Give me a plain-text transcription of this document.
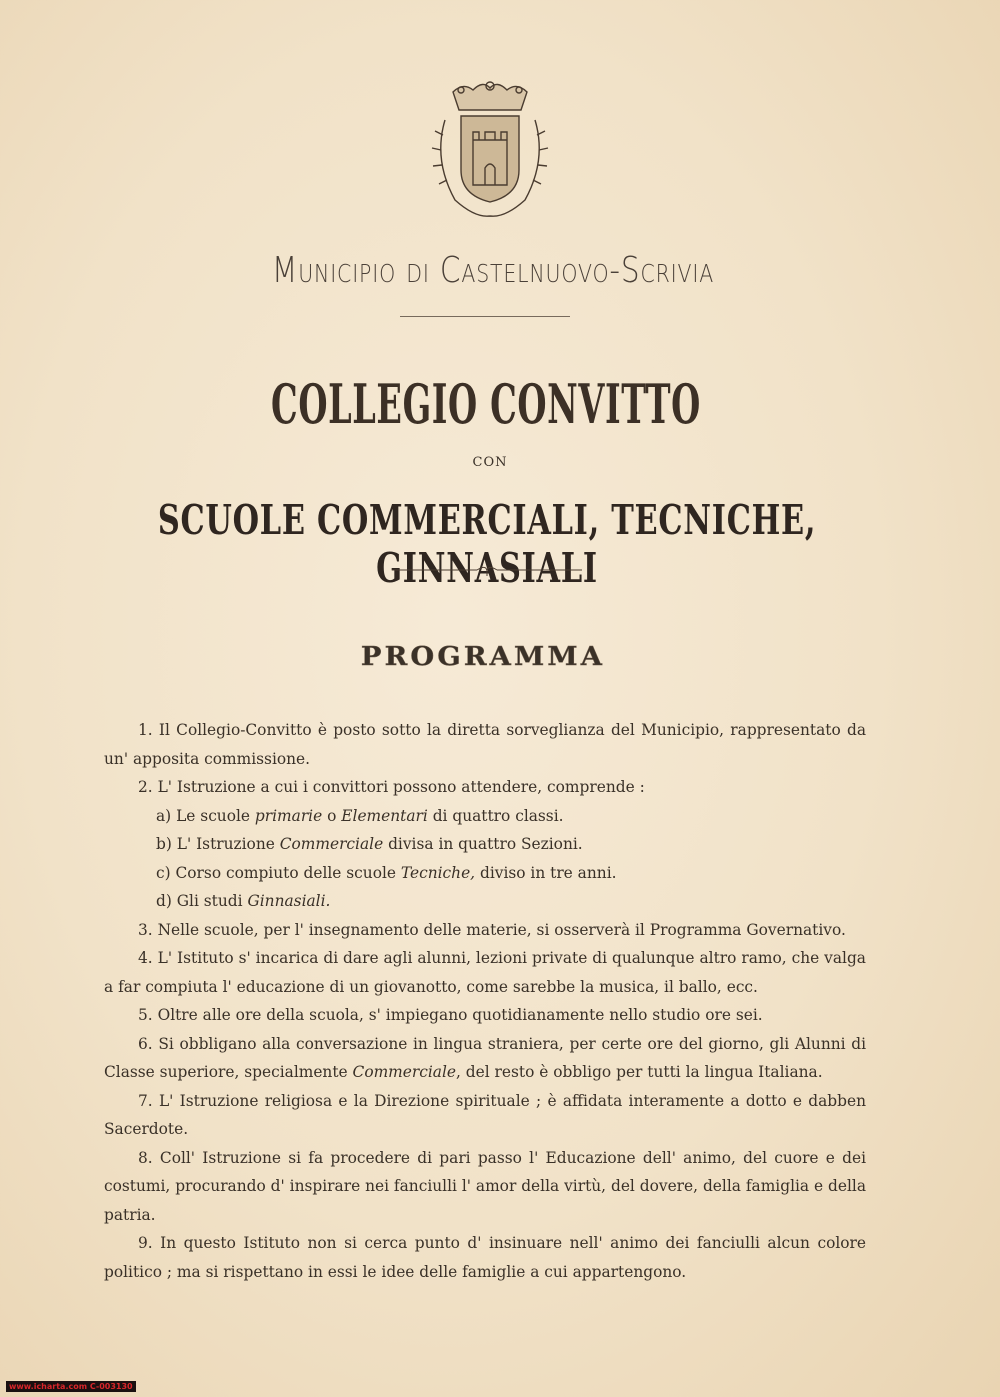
Municipio di Castelnuovo-Scrivia
COLLEGIO CONVITTO
CON
SCUOLE COMMERCIALI, TECNICHE, GINNASIALI
PROGRAMMA

1. Il Collegio-Convitto è posto sotto la diretta sorveglianza del Municipio, rappresentato da un' apposita commissione.

2. L' Istruzione a cui i convittori possono attendere, comprende :

a) Le scuole primarie o Elementari di quattro classi.

b) L' Istruzione Commerciale divisa in quattro Sezioni.

c) Corso compiuto delle scuole Tecniche, diviso in tre anni.

d) Gli studi Ginnasiali.

3. Nelle scuole, per l' insegnamento delle materie, si osserverà il Programma Governativo.

4. L' Istituto s' incarica di dare agli alunni, lezioni private di qualunque altro ramo, che valga a far compiuta l' educazione di un giovanotto, come sarebbe la musica, il ballo, ecc.

5. Oltre alle ore della scuola, s' impiegano quotidianamente nello studio ore sei.

6. Si obbligano alla conversazione in lingua straniera, per certe ore del giorno, gli Alunni di Classe superiore, specialmente Commerciale, del resto è obbligo per tutti la lingua Italiana.

7. L' Istruzione religiosa e la Direzione spirituale ; è affidata interamente a dotto e dabben Sacerdote.

8. Coll' Istruzione si fa procedere di pari passo l' Educazione dell' animo, del cuore e dei costumi, procurando d' inspirare nei fanciulli l' amor della virtù, del dovere, della famiglia e della patria.

9. In questo Istituto non si cerca punto d' insinuare nell' animo dei fanciulli alcun colore politico ; ma si rispettano in essi le idee delle famiglie a cui appartengono.

www.icharta.com C-003130
